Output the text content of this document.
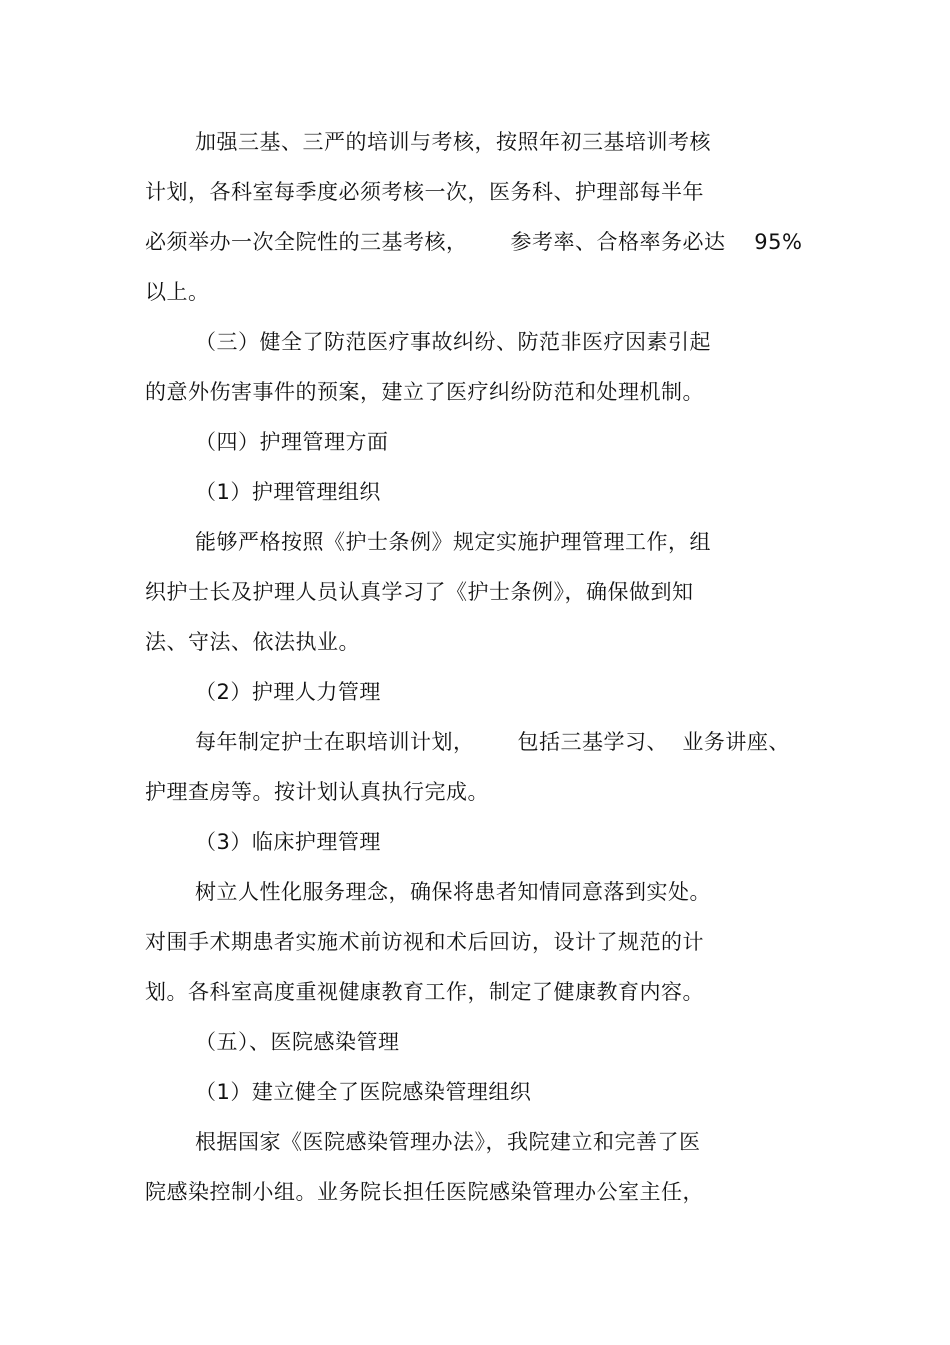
加强三基、三严的培训与考核，按照年初三基培训考核
计划，各科室每季度必须考核一次，医务科、护理部每半年
必须举办一次全院性的三基考核，      参考率、合格率务必达    95%
以上。
（三）健全了防范医疗事故纠纷、防范非医疗因素引起
的意外伤害事件的预案，建立了医疗纠纷防范和处理机制。
（四）护理管理方面
（1）护理管理组织
能够严格按照《护士条例》规定实施护理管理工作，组
织护士长及护理人员认真学习了《护士条例》，确保做到知
法、守法、依法执业。
（2）护理人力管理
每年制定护士在职培训计划，      包括三基学习、  业务讲座、
护理查房等。按计划认真执行完成。
（3）临床护理管理
树立人性化服务理念，确保将患者知情同意落到实处。
对围手术期患者实施术前访视和术后回访，设计了规范的计
划。各科室高度重视健康教育工作，制定了健康教育内容。
（五）、医院感染管理
（1）建立健全了医院感染管理组织
根据国家《医院感染管理办法》，我院建立和完善了医
院感染控制小组。业务院长担任医院感染管理办公室主任，
